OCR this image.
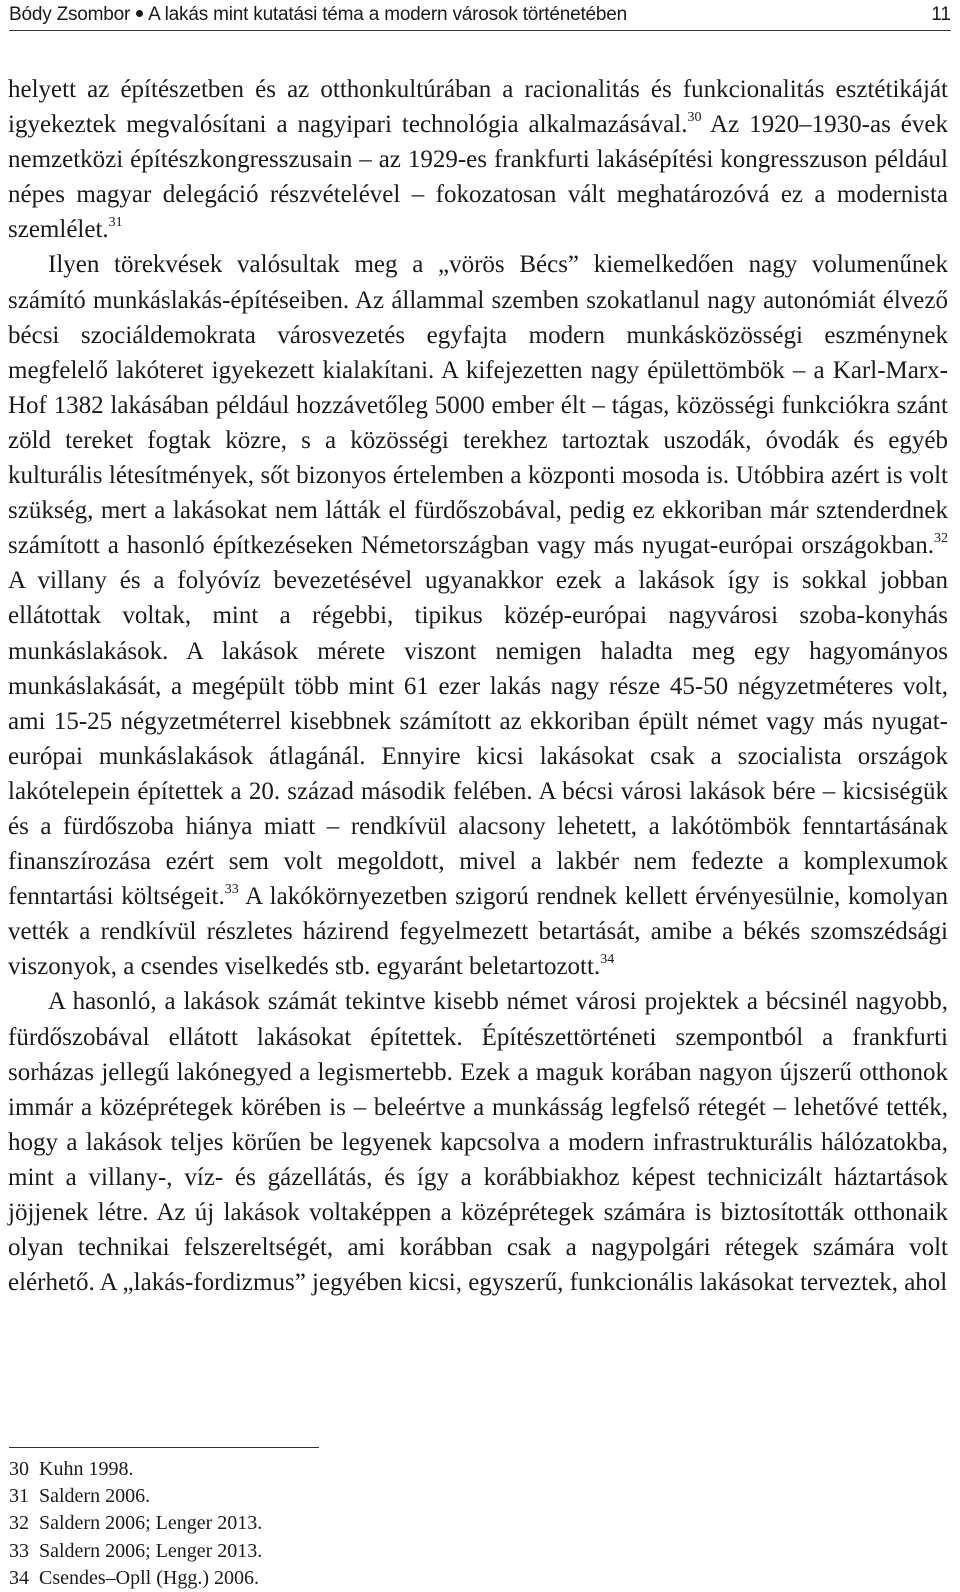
Bódy Zsombor A lakás mint kutatási téma a modern városok történetében	11

helyett az építészetben és az otthonkultúrában a racionalitás és funkcionalitás esztétikáját igyekeztek megvalósítani a nagyipari technológia alkalmazásával.$^{30}$ Az 1920–1930-as évek nemzetközi építészkongresszusain – az 1929-es frankfurti lakásépítési kongresszuson például népes magyar delegáció részvételével – fokozatosan vált meghatározóvá ez a modernista szemlélet.$^{31}$

Ilyen törekvések valósultak meg a „vörös Bécs” kiemelkedően nagy volumenűnek számító munkáslakás-építéseiben. Az állammal szemben szokatlanul nagy autonómiát élvező bécsi szociáldemokrata városvezetés egyfajta modern munkásközösségi eszménynek megfelelő lakóteret igyekezett kialakítani. A kifejezetten nagy épülettömbök – a Karl-Marx-Hof 1382 lakásában például hozzávetőleg 5000 ember élt – tágas, közösségi funkciókra szánt zöld tereket fogtak közre, s a közösségi terekhez tartoztak uszodák, óvodák és egyéb kulturális létesítmények, sőt bizonyos értelemben a központi mosoda is. Utóbbira azért is volt szükség, mert a lakásokat nem látták el fürdőszobával, pedig ez ekkoriban már sztenderdnek számított a hasonló építkezéseken Németországban vagy más nyugat-európai országokban.$^{32}$ A villany és a folyóvíz bevezetésével ugyanakkor ezek a lakások így is sokkal jobban ellátottak voltak, mint a régebbi, tipikus közép-európai nagyvárosi szoba-konyhás munkáslakások. A lakások mérete viszont nemigen haladta meg egy hagyományos munkáslakását, a megépült több mint 61 ezer lakás nagy része 45-50 négyzetméteres volt, ami 15-25 négyzetméterrel kisebbnek számított az ekkoriban épült német vagy más nyugat-európai munkáslakások átlagánál. Ennyire kicsi lakásokat csak a szocialista országok lakótelepein építettek a 20. század második felében. A bécsi városi lakások bére – kicsiségük és a fürdőszoba hiánya miatt – rendkívül alacsony lehetett, a lakótömbök fenntartásának finanszírozása ezért sem volt megoldott, mivel a lakbér nem fedezte a komplexumok fenntartási költségeit.$^{33}$ A lakókörnyezetben szigorú rendnek kellett érvényesülnie, komolyan vették a rendkívül részletes házirend fegyelmezett betartását, amibe a békés szomszédsági viszonyok, a csendes viselkedés stb. egyaránt beletartozott.$^{34}$

A hasonló, a lakások számát tekintve kisebb német városi projektek a bécsinél nagyobb, fürdőszobával ellátott lakásokat építettek. Építészettörténeti szempontból a frankfurti sorházas jellegű lakónegyed a legismertebb. Ezek a maguk korában nagyon újszerű otthonok immár a középrétegek körében is – beleértve a munkásság legfelső rétegét – lehetővé tették, hogy a lakások teljes körűen be legyenek kapcsolva a modern infrastrukturális hálózatokba, mint a villany-, víz- és gázellátás, és így a korábbiakhoz képest technicizált háztartások jöjjenek létre. Az új lakások voltaképpen a középrétegek számára is biztosították otthonaik olyan technikai felszereltségét, ami korábban csak a nagypolgári rétegek számára volt elérhető. A „lakás-fordizmus” jegyében kicsi, egyszerű, funkcionális lakásokat terveztek, ahol

30 Kuhn 1998.
31 Saldern 2006.
32 Saldern 2006; Lenger 2013.
33 Saldern 2006; Lenger 2013.
34 Csendes–Opll (Hgg.) 2006.
